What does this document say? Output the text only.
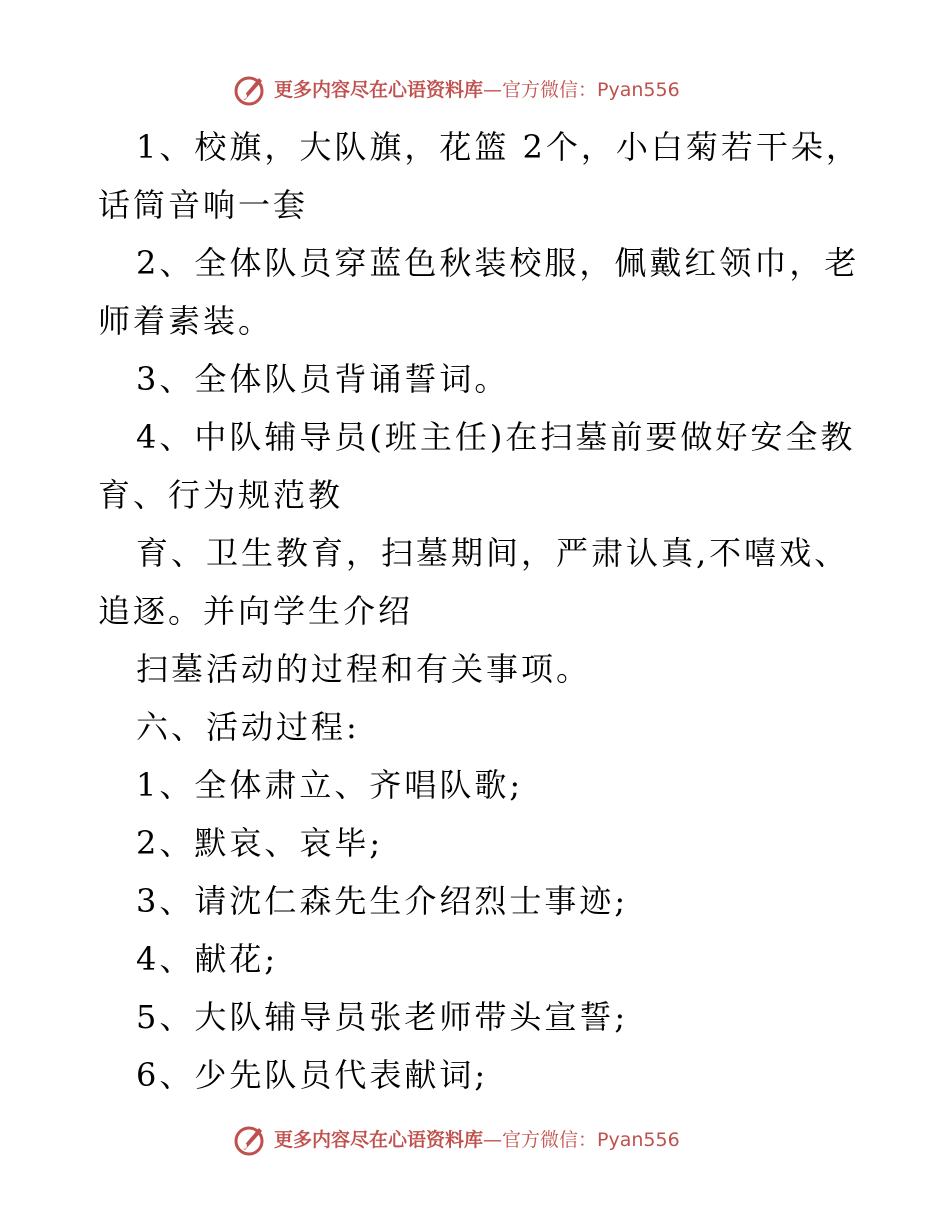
更多内容尽在心语资料库—官方微信：Pyan556
1、校旗，大队旗，花篮 2个，小白菊若干朵，
话筒音响一套
2、全体队员穿蓝色秋装校服，佩戴红领巾，老
师着素装。
3、全体队员背诵誓词。
4、中队辅导员(班主任)在扫墓前要做好安全教
育、行为规范教
育、卫生教育，扫墓期间，严肃认真,不嘻戏、
追逐。并向学生介绍
扫墓活动的过程和有关事项。
六、活动过程:
1、全体肃立、齐唱队歌;
2、默哀、哀毕;
3、请沈仁森先生介绍烈士事迹;
4、献花;
5、大队辅导员张老师带头宣誓;
6、少先队员代表献词;
更多内容尽在心语资料库—官方微信：Pyan556
